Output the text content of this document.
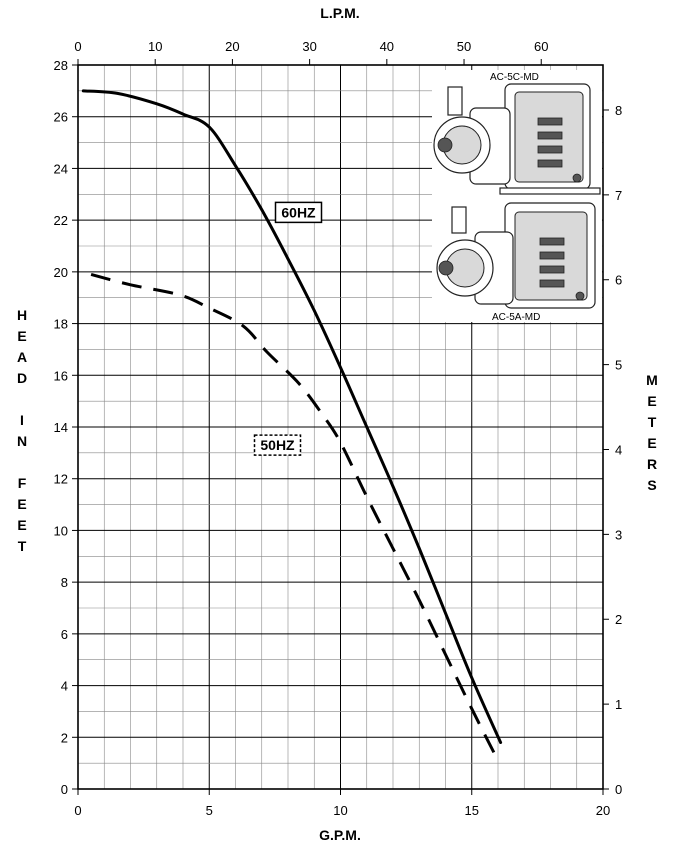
0	5	10	15	20
0	10	20	30	40	50	60
0
2
4
6
8
10
12
14
16
18
20
22
24
26
28
0
1
2
3
4
5
6
7
8
L.P.M.
G.P.M.
H
E
A
D
I
N
F
E
E
T
M
E
T
E
R
S
AC-5C-MD
AC-5A-MD
60HZ
50HZ
